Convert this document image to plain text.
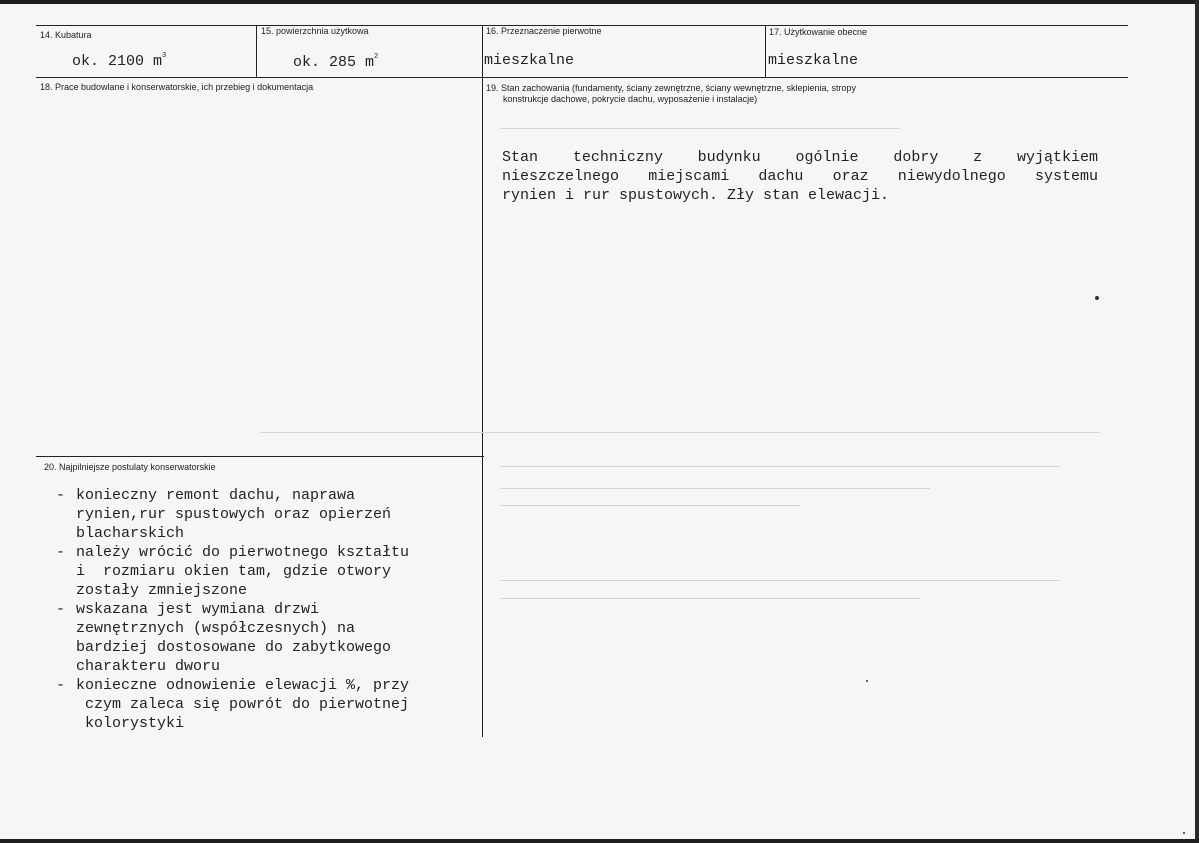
14. Kubatura	15. powierzchnia użytkowa	16. Przeznaczenie pierwotne	17. Użytkowanie obecne
ok. 2100 $m^3$	ok. 285 $m^2$	mieszkalne	mieszkalne
18. Prace budowlane i konserwatorskie, ich przebieg i dokumentacja	19. Stan zachowania (fundamenty, ściany zewnętrzne, ściany wewnętrzne, sklepienia, stropy
konstrukcje dachowe, pokrycie dachu, wyposażenie i instalacje)
Stan techniczny budynku ogólnie dobry z wyjątkiem
nieszczelnego miejscami dachu oraz niewydolnego systemu
rynien i rur spustowych. Zły stan elewacji.
20. Najpilniejsze postulaty konserwatorskie
- konieczny remont dachu, naprawa
rynien,rur spustowych oraz opierzeń
blacharskich
- należy wrócić do pierwotnego kształtu
i  rozmiaru okien tam, gdzie otwory
zostały zmniejszone
- wskazana jest wymiana drzwi
zewnętrznych (współczesnych) na
bardziej dostosowane do zabytkowego
charakteru dworu
- konieczne odnowienie elewacji %, przy
czym zaleca się powrót do pierwotnej
kolorystyki
